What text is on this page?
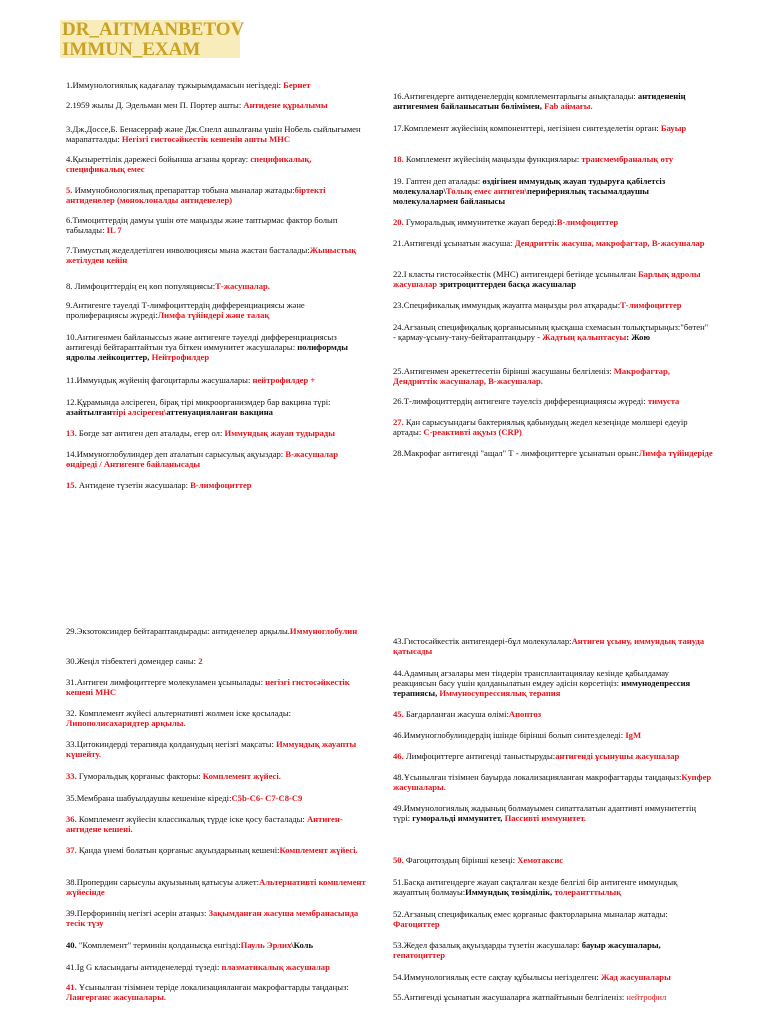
DR_AITMANBETOV
IMMUN_EXAM

1.Иммунологиялық кадағалау тұжырымдамасын негіздеді: Бернет

2.1959 жылы Д. Эдельман мен П. Портер ашты: Антиденe құрылымы

3.Дж.Доссе,Б. Бенасерраф және Дж.Снелл ашылғаны үшін Нобель сыйлығымен марапатталды: Негізгі гистосәйкестік кешенін ашты МНС

4.Қызыреттілік дәрежесі бойынша ағзаны қорғау: спецификалық, спецификалық емес

5. Иммунобиологиялық препараттар тобына мыналар жатады:біртекті антиденелер (моноклоналды антиденелер)

6.Тимоциттердің дамуы үшін өте маңызды және таптырмас фактор болып табылады: IL 7

7.Тимустың жеделдетілген инволюциясы мына жастан басталады:Жыныстық жетілуден кейін

8. Лимфоциттердің ең көп популяциясы:Т-жасушалар.

9.Антигенге тәуелді Т-лимфоциттердің дифференциациясы және пролиферациясы жүреді:Лимфа түйіндері және талақ

10.Антигенмен байланыссыз және антигенге тәуелді дифференциациясыз антигенді бейтараптайтын туа біткен иммунитет жасушалары: полиформды ядролы лейкоциттер, Нейтрофилдер

11.Иммундық жүйенің фагоцитарлы жасушалары: нейтрофилдер +

12.Құрамында әлсіреген, бірақ тірі микроорганизмдер бар вакцина түрі: азайтылғантірі әлсіреген\аттенуацияланған вакцина

13. Бөгде зат антиген деп аталады, егер ол: Иммундық жауап тудырады

14.Иммуноглобулиндер деп аталатын сарысулық ақуыздар: В-жасушалар өндіреді / Антигенге байланысады

15. Антидене түзетін жасушалар: В-лимфоциттер

16.Антигендерге антиденелердің комплементарлығы анықталады: антидененің антигенмен байланысатын бөлімімен, Fab аймағы.

17.Комплемент жүйесінің компоненттері, негізінен синтезделетін орган: Бауыр

18. Комплемент жүйесінің маңызды функциялары: трансмембраналық өту

19. Гаптен деп аталады: өздігінен иммундық жауап тудыруға қабілетсіз молекулалар\Толық емес антиген\перифериялық тасымалдаушы молекулалармен байланысы

20. Гуморальдық иммунитетке жауап береді:В-лимфоциттер

21.Антигенді ұсынатын жасуша: Дендриттік жасуша, макрофагтар, В-жасушалар

22.I класты гистосәйкестік (МНС) антигендері бетінде ұсынылған Барлық ядролы жасушалар эритроциттерден басқа жасушалар

23.Спецификалық иммундық жауапта маңызды рөл атқарады:Т-лимфоциттер

24.Ағзаның специфиқалық қорғанысының қысқаша схемасын толықтырыңыз:"бөтен" - қармау-ұсыну-тану-бейтараптандыру - Жадтың қалыптасуы: Жою

25.Антигенмен әрекеттесетін бірінші жасушаны белгіленіз: Макрофагтар, Дендриттік жасушалар, В-жасушалар.

26.Т-лимфоциттердің антигенге тәуелсіз дифференциациясы жүреді: тимуста

27. Қан сарысуындағы бактериялық қабынудың жедел кезеңінде мөлшері едеуір артады: С-реактивті ақуыз (CRP)

28.Макрофаг антигенді "ащал" Т - лимфоциттерге ұсынатын орын:Лимфа түйіндеріде

29.Экзотоксиндер бейтараптандырады: антиденелер арқылы.Иммуноглобулин

30.Жеңіл тізбектегі домендер саны: 2

31.Антиген лимфоциттерге молекуламен ұсынылады: негізгі гистосәйкестік кешені МНС

32. Комплемент жүйесі альтернативті жолмен іске қосылады: Липополисахаридтер арқылы.

33.Цитокиндерді терапияда қолданудың негізгі мақсаты: Иммундық жауапты күшейту.

33. Гуморальдық қорғаныс факторы: Комплемент жүйесі.

35.Мембрана шабуылдаушы кешеніне кіреді:С5b-С6- С7-С8-С9

36. Комплемент жүйесін классикалық түрде іске қосу басталады: Антиген-антидене кешені.

37. Қанда үнемі болатын қорғаныс ақуыздарының кешені:Комплемент жүйесі.

38.Пропердин сарысулы ақуызының қатысуы алжет:Альтернативті комплемент жүйесінде

39.Перфориннің негізгі әсерін атаңыз: Зақымданған жасуша мембранасында тесік түзу

40. "Комплемент" терминін қолданысқа енгізді:Пауль Эрлих\Коль

41.Ig G класындағы антиденелерді түзеді: плазматикалық жасушалар

41. Ұсынылған тізімнен теріде локализацияланған макрофагтарды таңдаңыз: Лангерганс жасушалары.

43.Гистосәйкестік антигендері-бұл молекулалар:Антиген ұсыну, иммундық тануда қатысады

44.Адамның ағзалары мен тіндерін трансплантациялау кезінде қабылдамау реакциясын басу үшін қолданылатын емдеу әдісін көрсетіңіз: иммунодепрессия терапиясы, Иммуносупрессиялық терапия

45. Бағдарланған жасуша өлімі:Апоптоз

46.Иммуноглобулиндердің ішінде бірінші болып синтезделеді: IgM

46. Лимфоциттерге антигенді таныстыруды:антигенді ұсынушы жасушалар

48.Ұсынылған тізімнен бауырда локализацияланған макрофагтарды таңдаңыз:Купфер жасушалары.

49.Иммунологиялық жадының болмауымен сипатталатын адаптивті иммунитеттің түрі: гуморальді иммунитет, Пассивті иммунитет.

50. Фагоцитоздың бірінші кезеңі: Хемотаксис

51.Басқа антигендерге жауап сақталған кезде белгілі бір антигенге иммундық жауаптың болмауы:Иммундық төзімділік, толерантттылық

52.Ағзаның спецификалық емес қорғаныс факторларына мыналар жатады: Фагоциттер

53.Жедел фазалық ақуыздарды түзетін жасушалар: бауыр жасушалары, гепатоциттер

54.Иммунологиялық есте сақтау құбылысы негізделген: Жад жасушалары

55.Антигенді ұсынатын жасушаларға жатпайтынын белгіленіз: нейтрофил
